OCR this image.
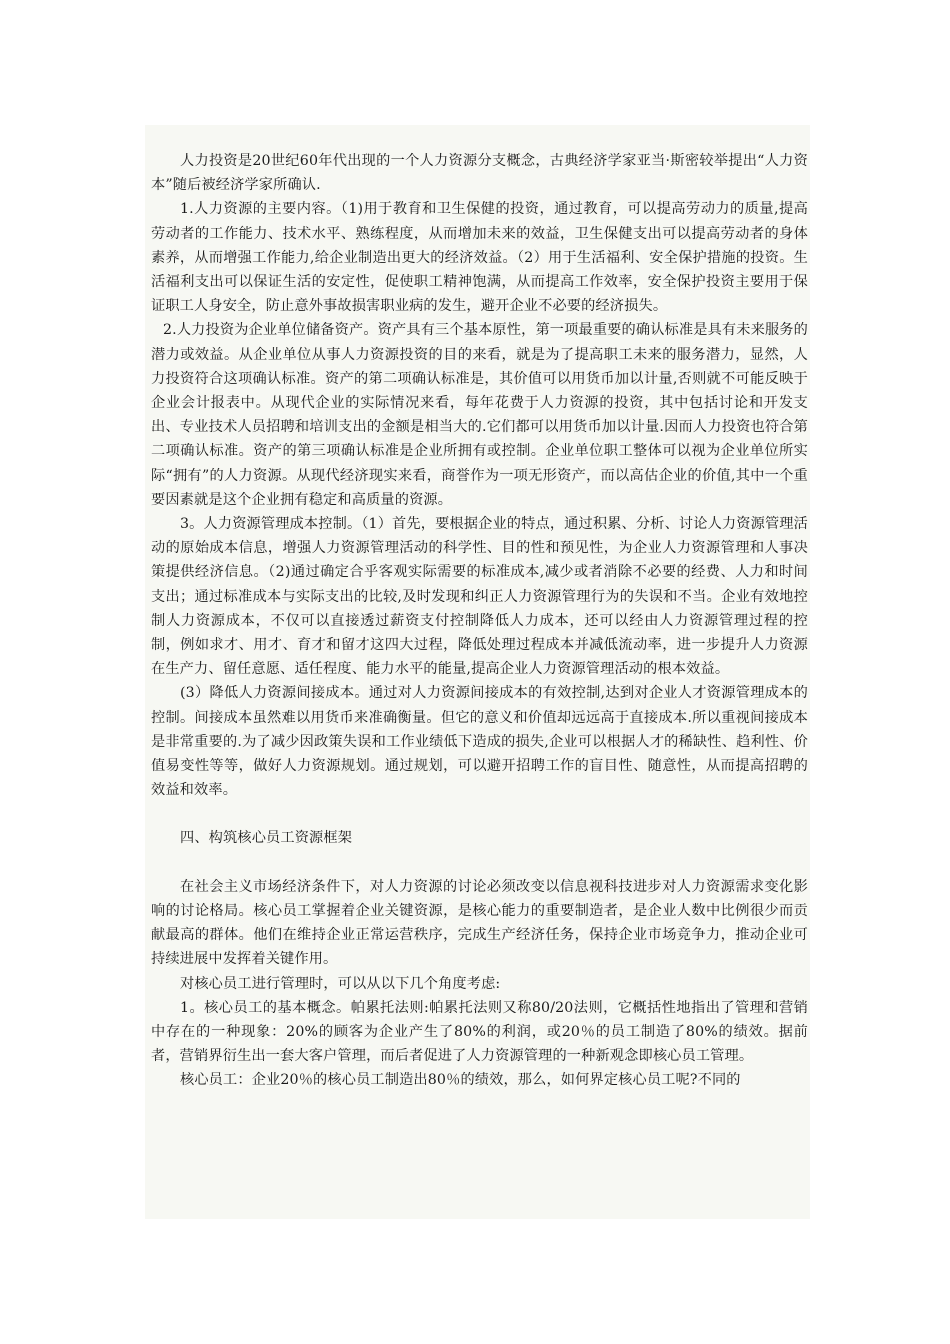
人力投资是20世纪60年代出现的一个人力资源分支概念，古典经济学家亚当·斯密较举提出“人力资本”随后被经济学家所确认.

1.人力资源的主要内容。（1)用于教育和卫生保健的投资，通过教育，可以提高劳动力的质量,提高劳动者的工作能力、技术水平、熟练程度，从而增加未来的效益，卫生保健支出可以提高劳动者的身体素养，从而增强工作能力,给企业制造出更大的经济效益。（2）用于生活福利、安全保护措施的投资。生活福利支出可以保证生活的安定性，促使职工精神饱满，从而提高工作效率，安全保护投资主要用于保证职工人身安全，防止意外事故损害职业病的发生，避开企业不必要的经济损失。

2.人力投资为企业单位储备资产。资产具有三个基本原性，第一项最重要的确认标准是具有未来服务的潜力或效益。从企业单位从事人力资源投资的目的来看，就是为了提高职工未来的服务潜力，显然，人力投资符合这项确认标准。资产的第二项确认标准是，其价值可以用货币加以计量,否则就不可能反映于企业会计报表中。从现代企业的实际情况来看，每年花费于人力资源的投资，其中包括讨论和开发支出、专业技术人员招聘和培训支出的金额是相当大的.它们都可以用货币加以计量.因而人力投资也符合第二项确认标准。资产的第三项确认标准是企业所拥有或控制。企业单位职工整体可以视为企业单位所实际“拥有”的人力资源。从现代经济现实来看，商誉作为一项无形资产，而以高估企业的价值,其中一个重要因素就是这个企业拥有稳定和高质量的资源。

3。人力资源管理成本控制。（1）首先，要根据企业的特点，通过积累、分析、讨论人力资源管理活动的原始成本信息，增强人力资源管理活动的科学性、目的性和预见性，为企业人力资源管理和人事决策提供经济信息。（2)通过确定合乎客观实际需要的标准成本,减少或者消除不必要的经费、人力和时间支出；通过标准成本与实际支出的比较,及时发现和纠正人力资源管理行为的失误和不当。企业有效地控制人力资源成本，不仅可以直接透过薪资支付控制降低人力成本，还可以经由人力资源管理过程的控制，例如求才、用才、育才和留才这四大过程，降低处理过程成本并减低流动率，进一步提升人力资源在生产力、留任意愿、适任程度、能力水平的能量,提高企业人力资源管理活动的根本效益。

(3）降低人力资源间接成本。通过对人力资源间接成本的有效控制,达到对企业人才资源管理成本的控制。间接成本虽然难以用货币来准确衡量。但它的意义和价值却远远高于直接成本.所以重视间接成本是非常重要的.为了减少因政策失误和工作业绩低下造成的损失,企业可以根据人才的稀缺性、趋利性、价值易变性等等，做好人力资源规划。通过规划，可以避开招聘工作的盲目性、随意性，从而提高招聘的效益和效率。

四、构筑核心员工资源框架

在社会主义市场经济条件下，对人力资源的讨论必须改变以信息视科技进步对人力资源需求变化影响的讨论格局。核心员工掌握着企业关键资源，是核心能力的重要制造者，是企业人数中比例很少而贡献最高的群体。他们在维持企业正常运营秩序，完成生产经济任务，保持企业市场竞争力，推动企业可持续进展中发挥着关键作用。

对核心员工进行管理时，可以从以下几个角度考虑:

1。核心员工的基本概念。帕累托法则:帕累托法则又称80/20法则，它概括性地指出了管理和营销中存在的一种现象：20%的顾客为企业产生了80%的利润，或20％的员工制造了80%的绩效。据前者，营销界衍生出一套大客户管理，而后者促进了人力资源管理的一种新观念即核心员工管理。

核心员工：企业20％的核心员工制造出80％的绩效，那么，如何界定核心员工呢?不同的
